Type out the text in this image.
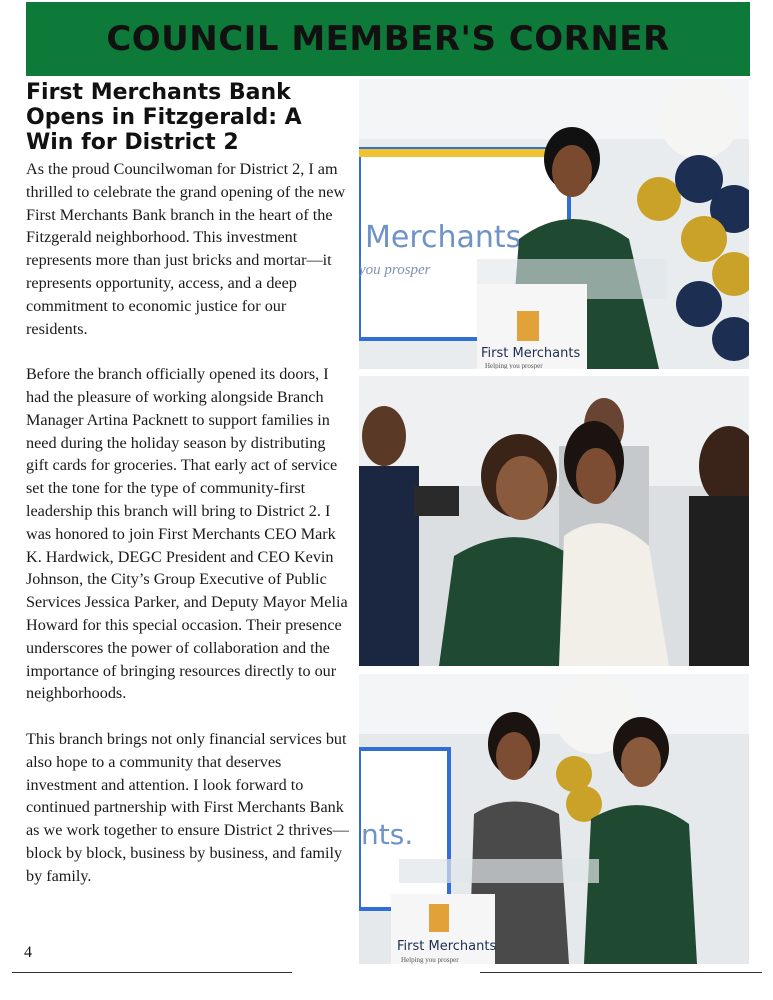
COUNCIL MEMBER'S CORNER
First Merchants Bank Opens in Fitzgerald: A Win for District 2

As the proud Councilwoman for District 2, I am thrilled to celebrate the grand opening of the new First Merchants Bank branch in the heart of the Fitzgerald neighborhood. This investment represents more than just bricks and mortar—it represents opportunity, access, and a deep commitment to economic justice for our residents.

Before the branch officially opened its doors, I had the pleasure of working alongside Branch Manager Artina Packnett to support families in need during the holiday season by distributing gift cards for groceries. That early act of service set the tone for the type of community-first leadership this branch will bring to District 2. I was honored to join First Merchants CEO Mark K. Hardwick, DEGC President and CEO Kevin Johnson, the City’s Group Executive of Public Services Jessica Parker, and Deputy Mayor Melia Howard for this special occasion. Their presence underscores the power of collaboration and the importance of bringing resources directly to our neighborhoods.

This branch brings not only financial services but also hope to a community that deserves investment and attention. I look forward to continued partnership with First Merchants Bank as we work together to ensure District 2 thrives—block by block, business by business, and family by family.

4
Merchants
you prosper
First Merchants
Helping you prosper
nts.
First Merchants
Helping you prosper
